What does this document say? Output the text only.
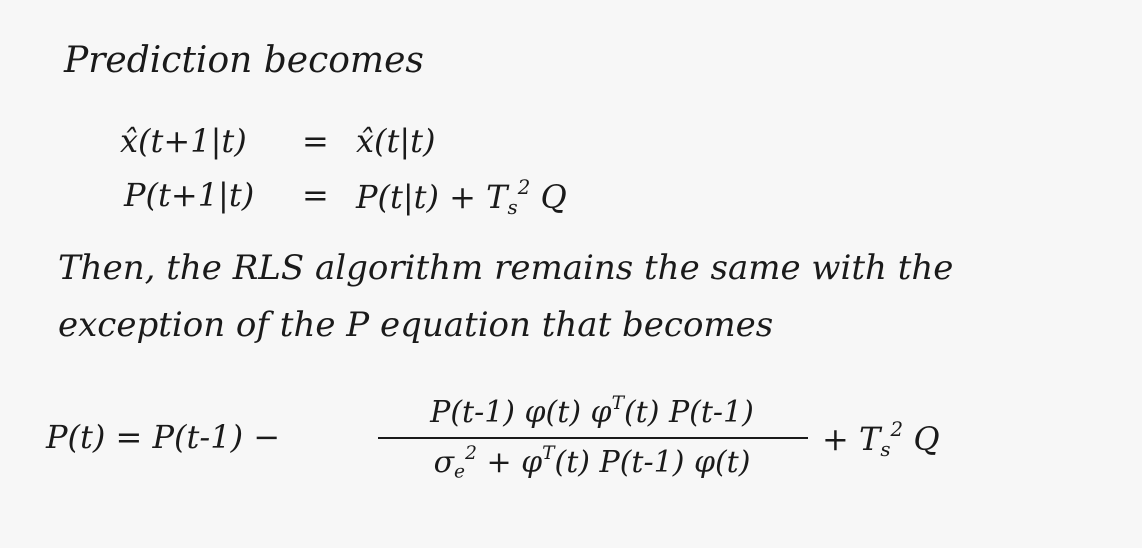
Prediction becomes
x̂(t+1|t) = x̂(t|t)
$P(t+1|t) = P(t|t) + T_s^2$ Q
Then, the RLS algorithm remains the same with the
exception of the P equation that becomes
P(t) = P(t-1) −
P(t-1) φ(t) $\varphi^T(t)$ P(t-1)
$\sigma_e^2 + \varphi^T(t)$ P(t-1) φ(t)
+ $T_s^2$ Q
